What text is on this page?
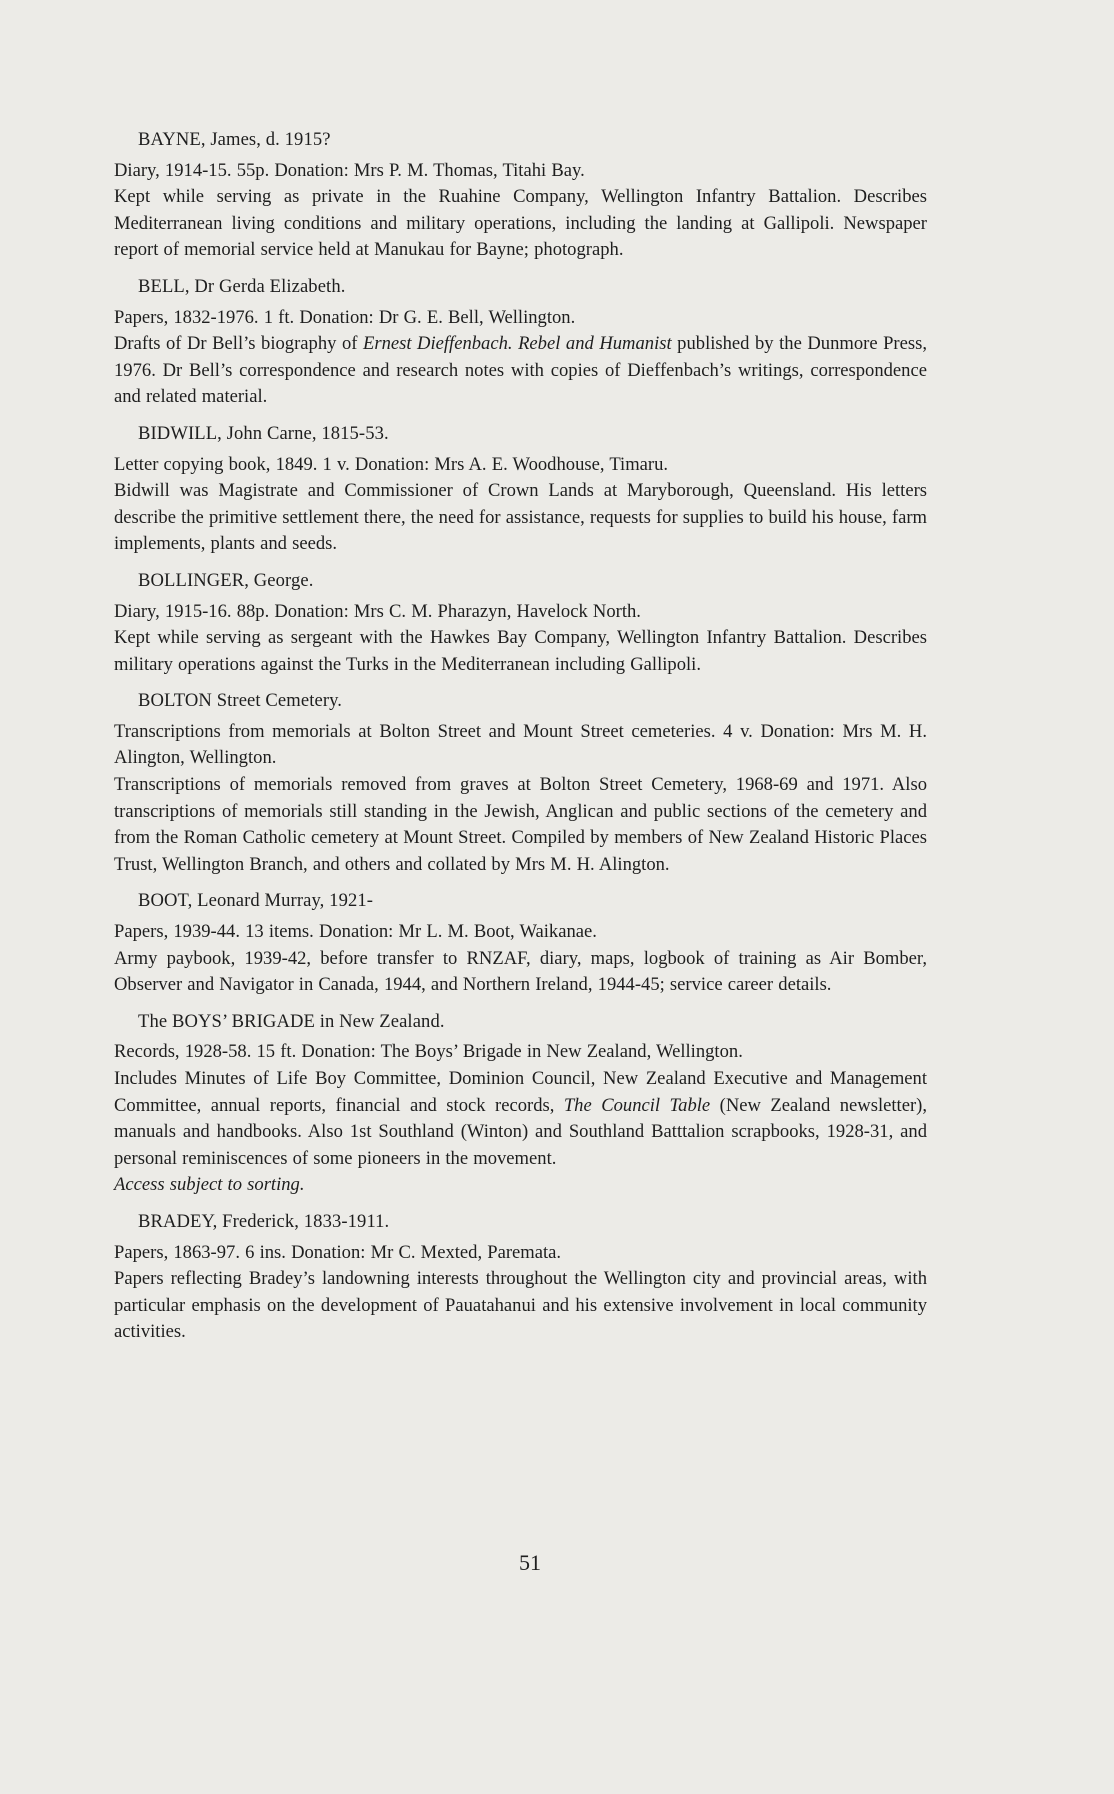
BAYNE, James, d. 1915?

Diary, 1914-15. 55p. Donation: Mrs P. M. Thomas, Titahi Bay.

Kept while serving as private in the Ruahine Company, Wellington Infantry Battalion. Describes Mediterranean living conditions and military operations, including the landing at Gallipoli. Newspaper report of memorial service held at Manukau for Bayne; photograph.

BELL, Dr Gerda Elizabeth.

Papers, 1832-1976. 1 ft. Donation: Dr G. E. Bell, Wellington.

Drafts of Dr Bell’s biography of Ernest Dieffenbach. Rebel and Humanist published by the Dunmore Press, 1976. Dr Bell’s correspondence and research notes with copies of Dieffenbach’s writings, correspondence and related material.

BIDWILL, John Carne, 1815-53.

Letter copying book, 1849. 1 v. Donation: Mrs A. E. Woodhouse, Timaru.

Bidwill was Magistrate and Commissioner of Crown Lands at Maryborough, Queensland. His letters describe the primitive settlement there, the need for assistance, requests for supplies to build his house, farm implements, plants and seeds.

BOLLINGER, George.

Diary, 1915-16. 88p. Donation: Mrs C. M. Pharazyn, Havelock North.

Kept while serving as sergeant with the Hawkes Bay Company, Wellington Infantry Battalion. Describes military operations against the Turks in the Mediterranean including Gallipoli.

BOLTON Street Cemetery.

Transcriptions from memorials at Bolton Street and Mount Street cemeteries. 4 v. Donation: Mrs M. H. Alington, Wellington.

Transcriptions of memorials removed from graves at Bolton Street Cemetery, 1968-69 and 1971. Also transcriptions of memorials still standing in the Jewish, Anglican and public sections of the cemetery and from the Roman Catholic cemetery at Mount Street. Compiled by members of New Zealand Historic Places Trust, Wellington Branch, and others and collated by Mrs M. H. Alington.

BOOT, Leonard Murray, 1921-

Papers, 1939-44. 13 items. Donation: Mr L. M. Boot, Waikanae.

Army paybook, 1939-42, before transfer to RNZAF, diary, maps, logbook of training as Air Bomber, Observer and Navigator in Canada, 1944, and Northern Ireland, 1944-45; service career details.

The BOYS’ BRIGADE in New Zealand.

Records, 1928-58. 15 ft. Donation: The Boys’ Brigade in New Zealand, Wellington.

Includes Minutes of Life Boy Committee, Dominion Council, New Zealand Executive and Management Committee, annual reports, financial and stock records, The Council Table (New Zealand newsletter), manuals and handbooks. Also 1st Southland (Winton) and Southland Batttalion scrapbooks, 1928-31, and personal reminiscences of some pioneers in the movement.

Access subject to sorting.

BRADEY, Frederick, 1833-1911.

Papers, 1863-97. 6 ins. Donation: Mr C. Mexted, Paremata.

Papers reflecting Bradey’s landowning interests throughout the Wellington city and provincial areas, with particular emphasis on the development of Pauatahanui and his extensive involvement in local community activities.

51
